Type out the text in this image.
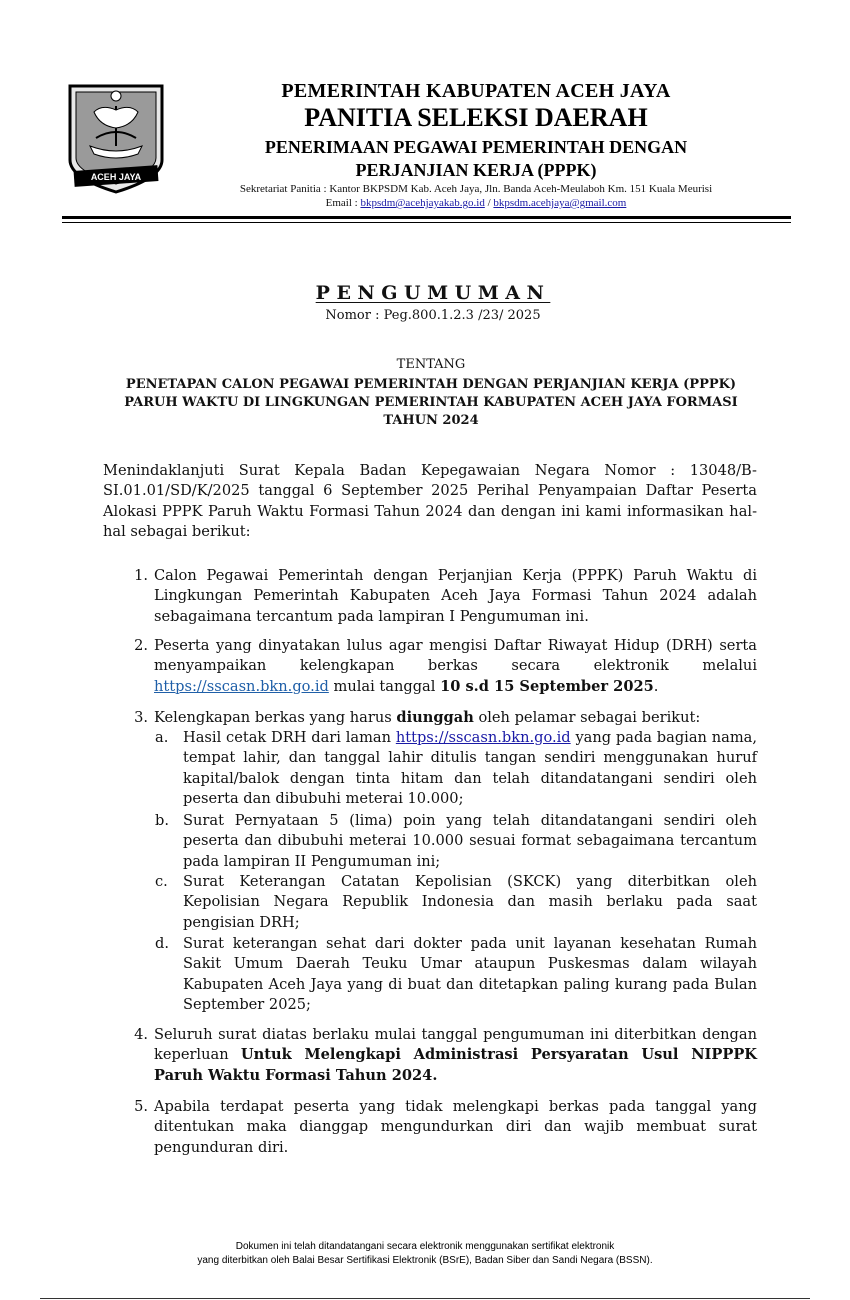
ACEH JAYA
PEMERINTAH KABUPATEN ACEH JAYA
PANITIA SELEKSI DAERAH
PENERIMAAN PEGAWAI PEMERINTAH DENGAN
PERJANJIAN KERJA (PPPK)
Sekretariat Panitia : Kantor BKPSDM Kab. Aceh Jaya, Jln. Banda Aceh-Meulaboh Km. 151 Kuala Meurisi
Email : bkpsdm@acehjayakab.go.id / bkpsdm.acehjaya@gmail.com
PENGUMUMAN
Nomor : Peg.800.1.2.3 /23/ 2025
TENTANG
PENETAPAN CALON PEGAWAI PEMERINTAH DENGAN PERJANJIAN KERJA (PPPK)
PARUH WAKTU DI LINGKUNGAN PEMERINTAH KABUPATEN ACEH JAYA FORMASI
TAHUN 2024
Menindaklanjuti Surat Kepala Badan Kepegawaian Negara Nomor : 13048/B-SI.01.01/SD/K/2025 tanggal 6 September 2025 Perihal Penyampaian Daftar Peserta Alokasi PPPK Paruh Waktu Formasi Tahun 2024 dan dengan ini kami informasikan hal-hal sebagai berikut:
1. Calon Pegawai Pemerintah dengan Perjanjian Kerja (PPPK) Paruh Waktu di Lingkungan Pemerintah Kabupaten Aceh Jaya Formasi Tahun 2024 adalah sebagaimana tercantum pada lampiran I Pengumuman ini.
2. Peserta yang dinyatakan lulus agar mengisi Daftar Riwayat Hidup (DRH) serta menyampaikan kelengkapan berkas secara elektronik melalui https://sscasn.bkn.go.id mulai tanggal 10 s.d 15 September 2025.
3. Kelengkapan berkas yang harus diunggah oleh pelamar sebagai berikut:
a.	Hasil cetak DRH dari laman https://sscasn.bkn.go.id yang pada bagian nama, tempat lahir, dan tanggal lahir ditulis tangan sendiri menggunakan huruf kapital/balok dengan tinta hitam dan telah ditandatangani sendiri oleh peserta dan dibubuhi meterai 10.000;
b. Surat Pernyataan 5 (lima) poin yang telah ditandatangani sendiri oleh peserta dan dibubuhi meterai 10.000 sesuai format sebagaimana tercantum pada lampiran II Pengumuman ini;
c.	Surat Keterangan Catatan Kepolisian (SKCK) yang diterbitkan oleh Kepolisian Negara Republik Indonesia dan masih berlaku pada saat pengisian DRH;
d. Surat keterangan sehat dari dokter pada unit layanan kesehatan Rumah Sakit Umum Daerah Teuku Umar ataupun Puskesmas dalam wilayah Kabupaten Aceh Jaya yang di buat dan ditetapkan paling kurang pada Bulan September 2025;
4. Seluruh surat diatas berlaku mulai tanggal pengumuman ini diterbitkan dengan keperluan Untuk Melengkapi Administrasi Persyaratan Usul NIPPPK Paruh Waktu Formasi Tahun 2024.
5. Apabila terdapat peserta yang tidak melengkapi berkas pada tanggal yang ditentukan maka dianggap mengundurkan diri dan wajib membuat surat pengunduran diri.
Dokumen ini telah ditandatangani secara elektronik menggunakan sertifikat elektronik
yang diterbitkan oleh Balai Besar Sertifikasi Elektronik (BSrE), Badan Siber dan Sandi Negara (BSSN).
